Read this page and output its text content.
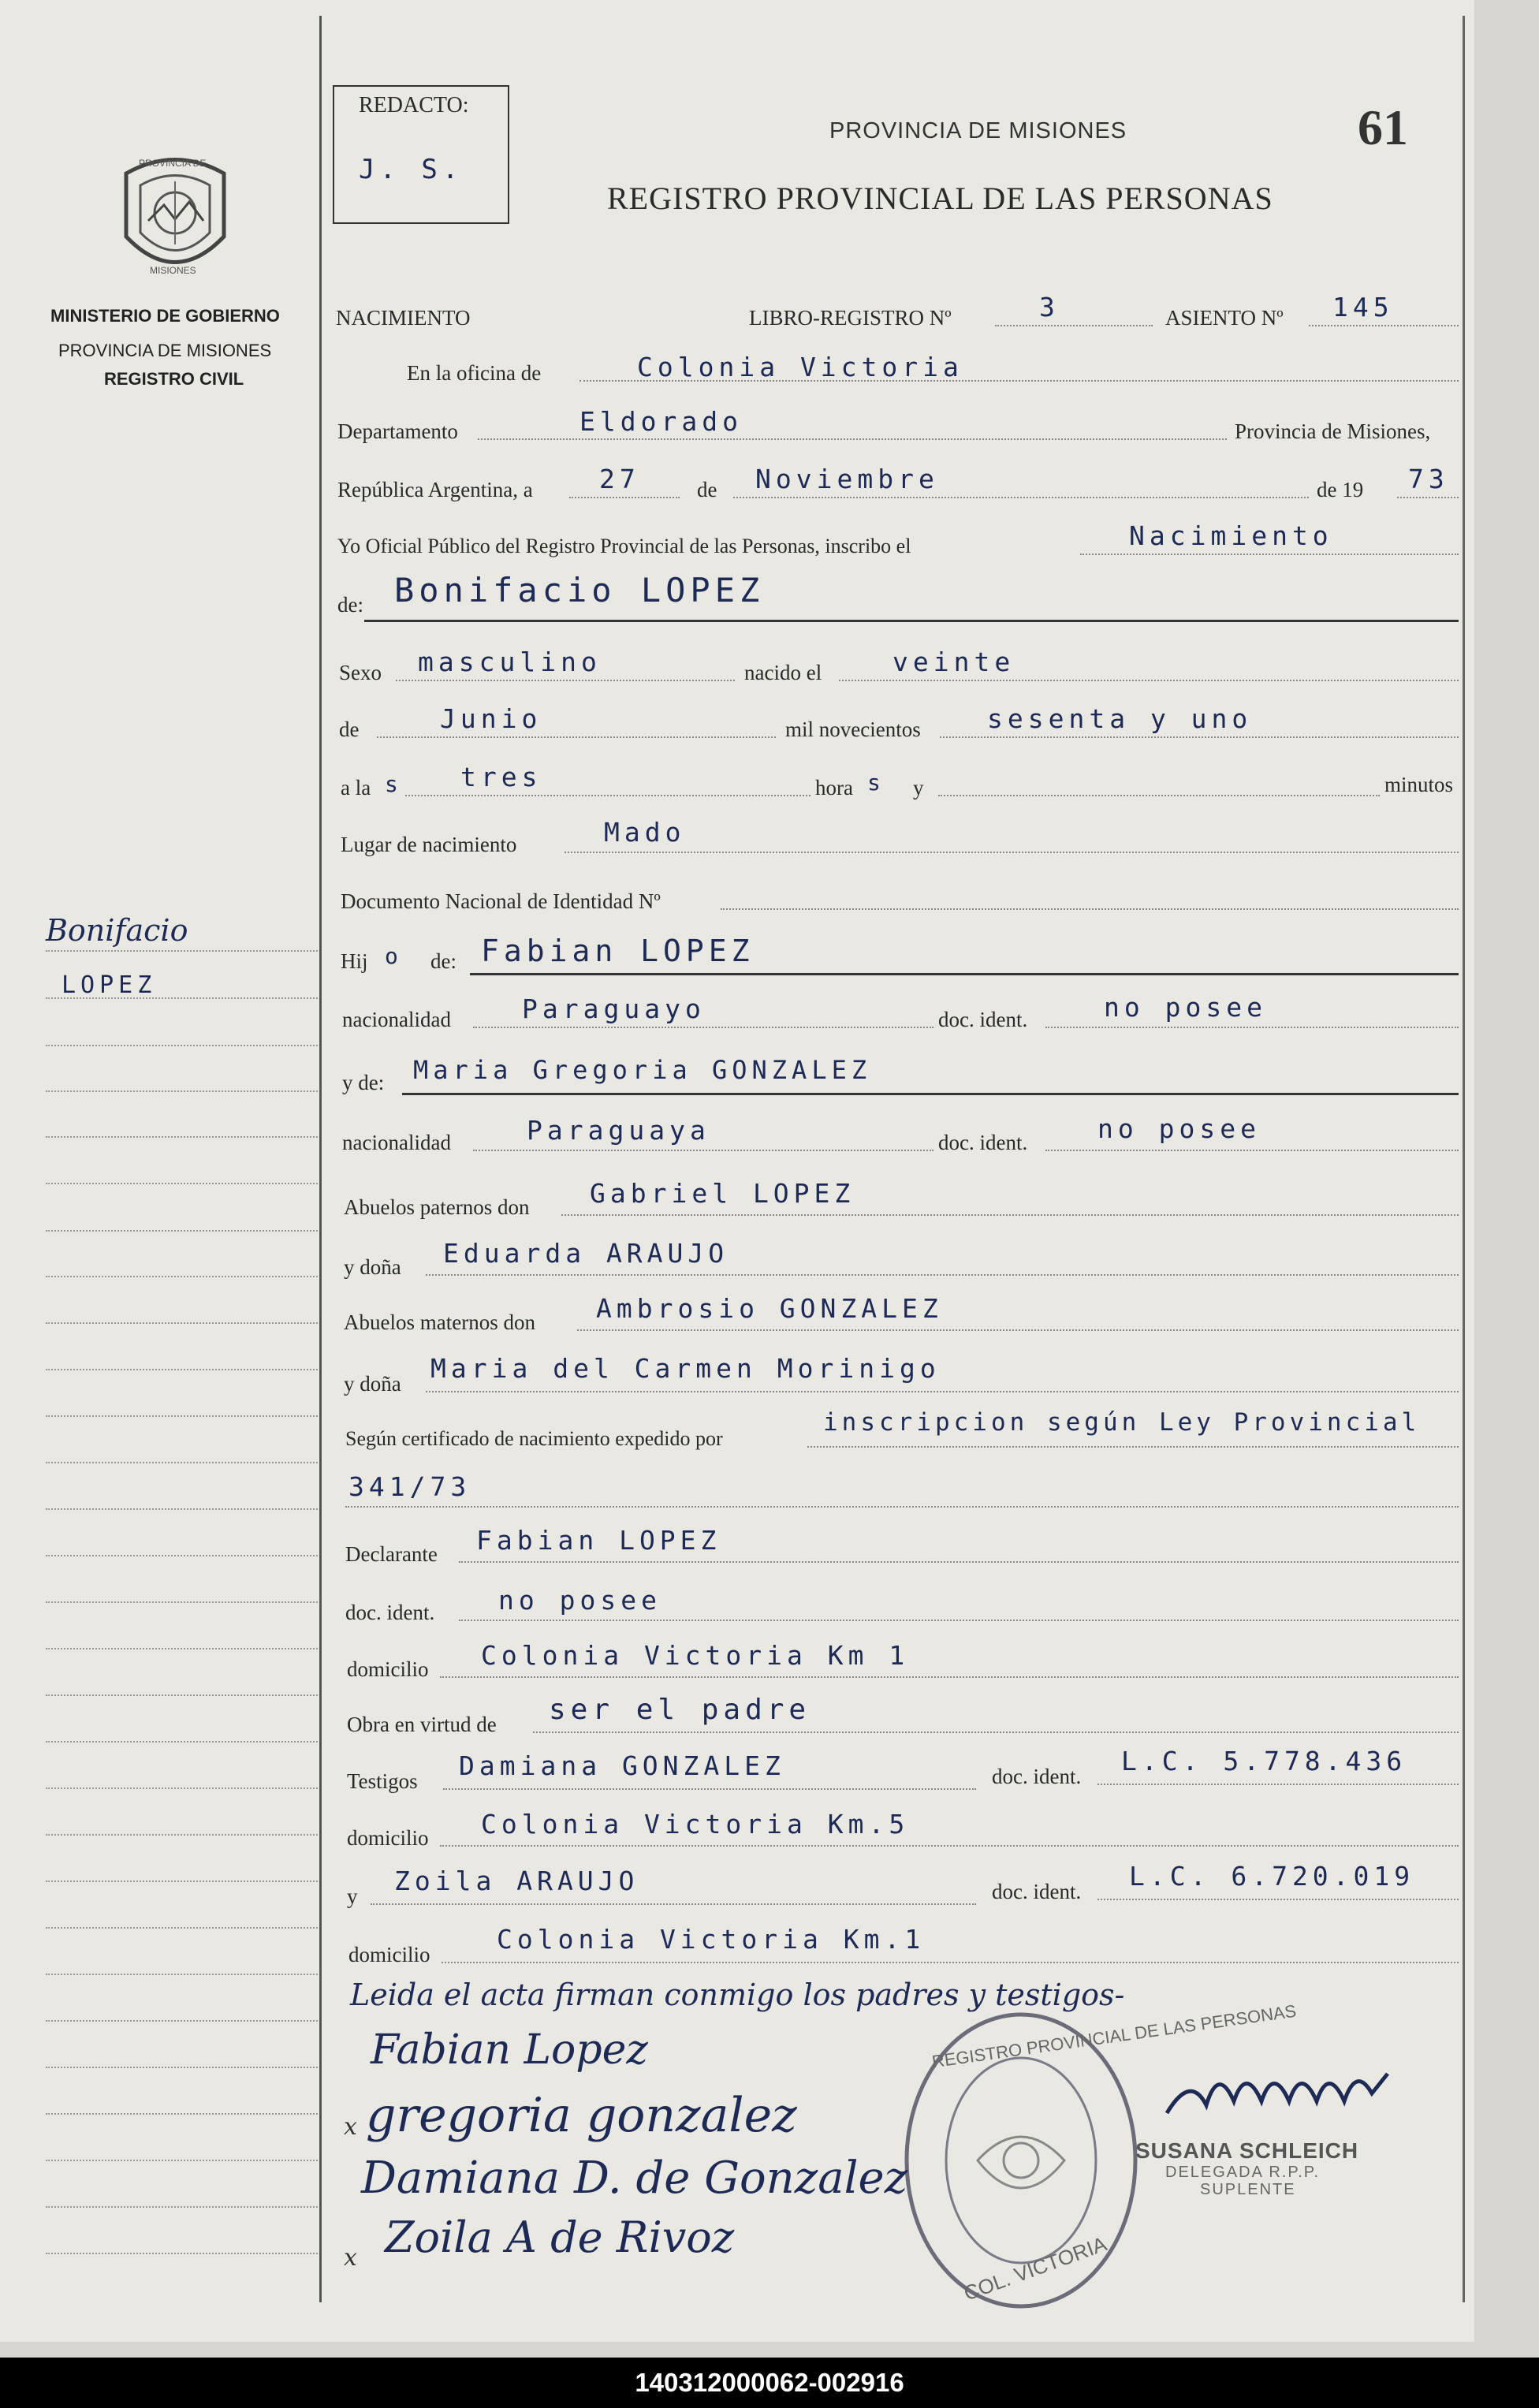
REDACTO:
J. S.
PROVINCIA DE MISIONES	61
REGISTRO PROVINCIAL DE LAS PERSONAS
PROVINCIA DE
MISIONES
MINISTERIO DE GOBIERNO
PROVINCIA DE MISIONES
REGISTRO CIVIL
Bonifacio
LOPEZ
NACIMIENTO	LIBRO-REGISTRO Nº	3	ASIENTO Nº 145
En la oficina de	Colonia Victoria
Departamento	Eldorado	Provincia de Misiones,
República Argentina, a	27	de Noviembre	de 19 73
Yo Oficial Público del Registro Provincial de las Personas, inscribo el	Nacimiento
de: Bonifacio LOPEZ
Sexo masculino	nacido el	veinte
de	Junio	mil novecientos	sesenta y uno
a la s tres	hora s y	minutos
Lugar de nacimiento	Mado
Documento Nacional de Identidad Nº
Hij o de: Fabian LOPEZ
nacionalidad	Paraguayo	doc. ident.	no posee
y de: Maria Gregoria GONZALEZ
nacionalidad	Paraguaya	doc. ident.	no posee
Abuelos paternos don Gabriel LOPEZ
y doña Eduarda ARAUJO
Abuelos maternos don Ambrosio GONZALEZ
y doña Maria del Carmen Morinigo
Según certificado de nacimiento expedido por
inscripcion según Ley Provincial
341/73
Declarante Fabian LOPEZ
doc. ident. no posee
domicilio Colonia Victoria Km 1
Obra en virtud de ser el padre
Testigos Damiana GONZALEZ	doc. ident. L.C. 5.778.436
domicilio Colonia Victoria Km.5
y Zoila ARAUJO	doc. ident. L.C. 6.720.019
domicilio	Colonia Victoria Km.1
Leida el acta firman conmigo los padres y testigos-
REGISTRO PROVINCIAL DE LAS PERSONAS
COL. VICTORIA
Fabian Lopez
x gregoria gonzalez
Damiana D. de Gonzalez
x Zoila A de Rivoz
SUSANA SCHLEICH
DELEGADA R.P.P.
SUPLENTE
140312000062-002916
